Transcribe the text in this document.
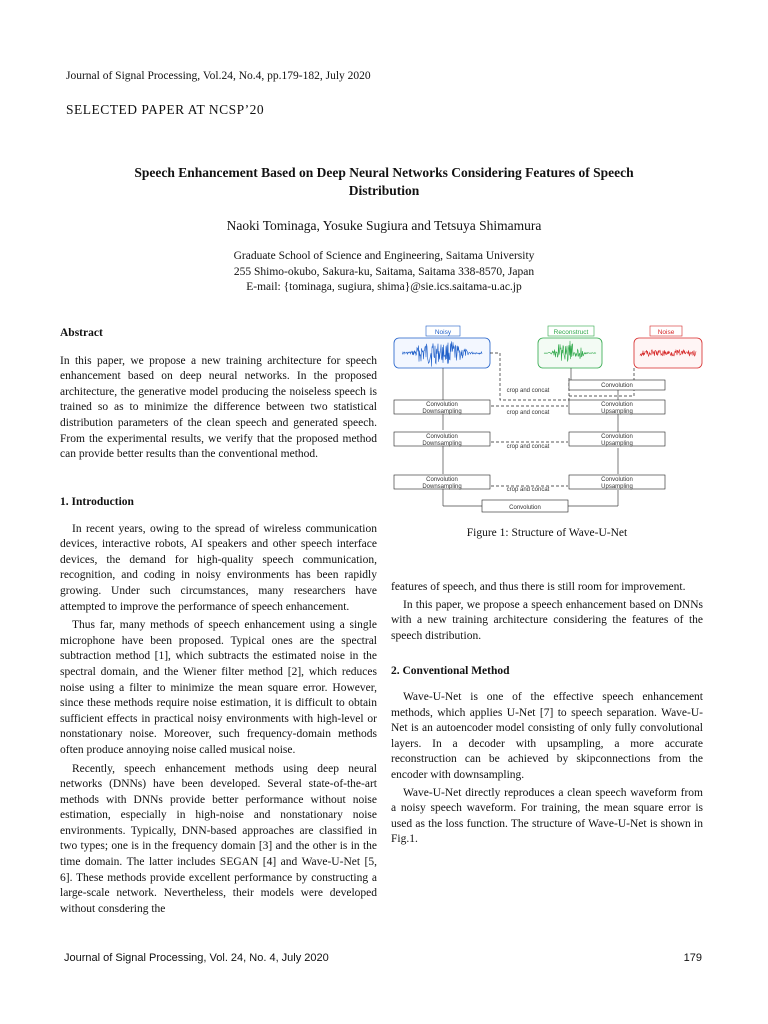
Journal of Signal Processing, Vol.24, No.4, pp.179-182, July 2020
SELECTED PAPER AT NCSP’20
Speech Enhancement Based on Deep Neural Networks Considering Features of Speech
Distribution
Naoki Tominaga, Yosuke Sugiura and Tetsuya Shimamura
Graduate School of Science and Engineering, Saitama University
255 Shimo-okubo, Sakura-ku, Saitama, Saitama 338-8570, Japan
E-mail: {tominaga, sugiura, shima}@sie.ics.saitama-u.ac.jp

Abstract

In this paper, we propose a new training architecture for speech enhancement based on deep neural networks. In the proposed architecture, the generative model producing the noiseless speech is trained so as to minimize the difference between two statistical distribution parameters of the clean speech and generated speech. From the experimental results, we verify that the proposed method can provide better results than the conventional method.

1. Introduction

In recent years, owing to the spread of wireless communication devices, interactive robots, AI speakers and other speech interface devices, the demand for high-quality speech communication, recognition, and coding in noisy environments has been rapidly growing. Under such circumstances, many researchers have attempted to improve the performance of speech enhancement.

Thus far, many methods of speech enhancement using a single microphone have been proposed. Typical ones are the spectral subtraction method [1], which subtracts the estimated noise in the spectral domain, and the Wiener filter method [2], which reduces noise using a filter to minimize the mean square error. However, since these methods require noise estimation, it is difficult to obtain sufficient effects in practical noisy environments with high-level or nonstationary noise. Moreover, such frequency-domain methods often produce annoying noise called musical noise.

Recently, speech enhancement methods using deep neural networks (DNNs) have been developed. Several state-of-the-art methods with DNNs provide better performance without noise estimation, especially in high-noise and nonstationary noise environments. Typically, DNN-based approaches are classified in two types; one is in the frequency domain [3] and the other is in the time domain. The latter includes SEGAN [4] and Wave-U-Net [5, 6]. These methods provide excellent performance by constructing a large-scale network. Nevertheless, their models were developed without consdering the

Noisy	Reconstruct	Noise
Convolution
Downsampling
Convolution
Downsampling
Convolution
Downsampling
Convolution
Convolution
Convolution
Upsampling
Convolution
Upsampling
Convolution
Upsampling
crop and concat
crop and concat
crop and concat
crop and concat
Figure 1: Structure of Wave-U-Net

features of speech, and thus there is still room for improvement.

In this paper, we propose a speech enhancement based on DNNs with a new training architecture considering the features of the speech distribution.

2. Conventional Method

Wave-U-Net is one of the effective speech enhancement methods, which applies U-Net [7] to speech separation. Wave-U-Net is an autoencoder model consisting of only fully convolutional layers. In a decoder with upsampling, a more accurate reconstruction can be achieved by skipconnections from the encoder with downsampling.

Wave-U-Net directly reproduces a clean speech waveform from a noisy speech waveform. For training, the mean square error is used as the loss function. The structure of Wave-U-Net is shown in Fig.1.

Journal of Signal Processing, Vol. 24, No. 4, July 2020	179
